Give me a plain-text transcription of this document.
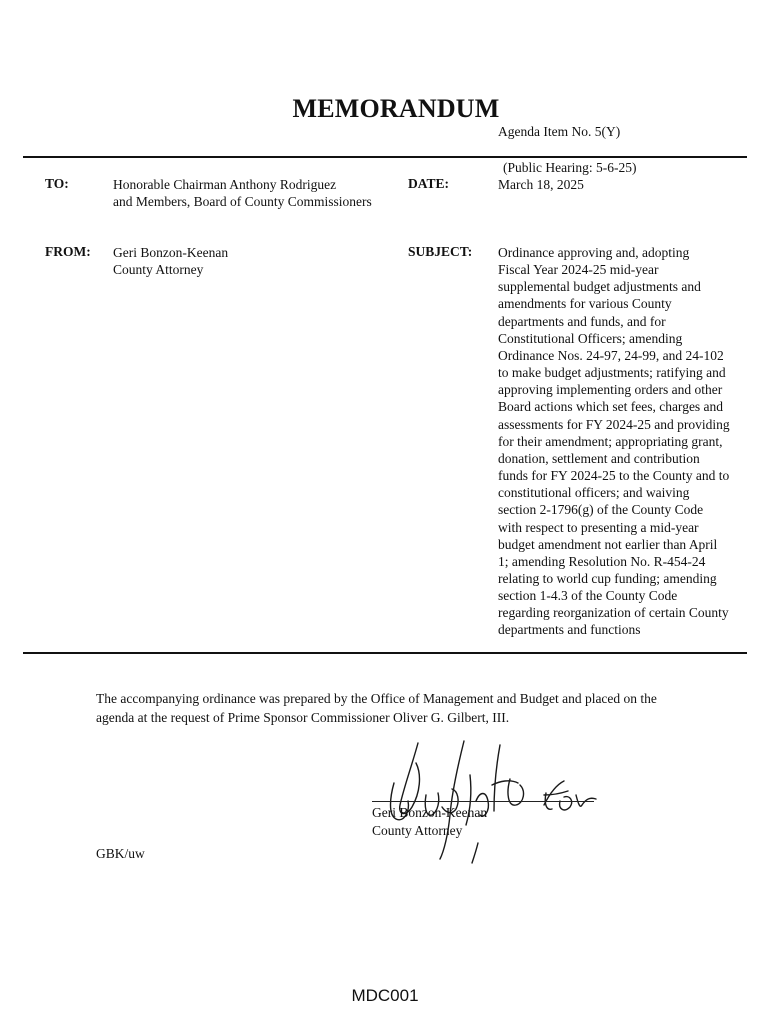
MEMORANDUM
Agenda Item No. 5(Y)
(Public Hearing: 5-6-25)
TO:	Honorable Chairman Anthony Rodriguez
and Members, Board of County Commissioners
DATE:	March 18, 2025
FROM: Geri Bonzon-Keenan
County Attorney
SUBJECT: Ordinance approving and, adopting
Fiscal Year 2024-25 mid-year
supplemental budget adjustments and
amendments for various County
departments and funds, and for
Constitutional Officers; amending
Ordinance Nos. 24-97, 24-99, and 24-102
to make budget adjustments; ratifying and
approving implementing orders and other
Board actions which set fees, charges and
assessments for FY 2024-25 and providing
for their amendment; appropriating grant,
donation, settlement and contribution
funds for FY 2024-25 to the County and to
constitutional officers; and waiving
section 2-1796(g) of the County Code
with respect to presenting a mid-year
budget amendment not earlier than April
1; amending Resolution No. R-454-24
relating to world cup funding; amending
section 1-4.3 of the County Code
regarding reorganization of certain County
departments and functions
The accompanying ordinance was prepared by the Office of Management and Budget and placed on the
agenda at the request of Prime Sponsor Commissioner Oliver G. Gilbert, III.
Geri Bonzon-Keenan
County Attorney
GBK/uw
MDC001
